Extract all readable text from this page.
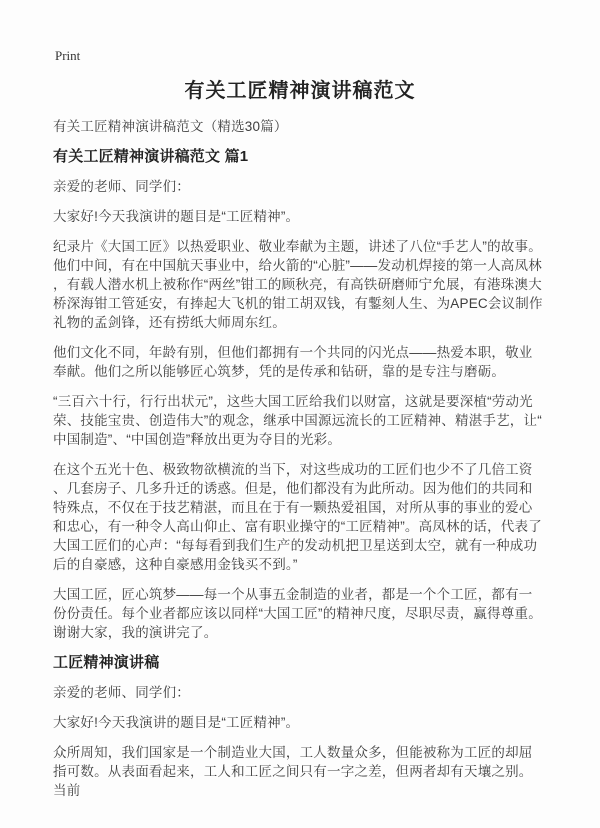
Print
有关工匠精神演讲稿范文

有关工匠精神演讲稿范文（精选30篇）

有关工匠精神演讲稿范文 篇1

亲爱的老师、同学们：

大家好!今天我演讲的题目是“工匠精神”。

纪录片《大国工匠》以热爱职业、敬业奉献为主题，讲述了八位“手艺人”的故事。他们中间，有在中国航天事业中，给火箭的“心脏”——发动机焊接的第一人高凤林，有载人潜水机上被称作“两丝”钳工的顾秋亮，有高铁研磨师宁允展，有港珠澳大桥深海钳工管延安，有捧起大飞机的钳工胡双钱，有鏨刻人生、为APEC会议制作礼物的孟剑锋，还有捞纸大师周东红。

他们文化不同，年龄有别，但他们都拥有一个共同的闪光点——热爱本职，敬业奉献。他们之所以能够匠心筑梦，凭的是传承和钻研，靠的是专注与磨砺。

“三百六十行，行行出状元”，这些大国工匠给我们以财富，这就是要深植“劳动光荣、技能宝贵、创造伟大”的观念，继承中国源远流长的工匠精神、精湛手艺，让“中国制造”、“中国创造”释放出更为夺目的光彩。

在这个五光十色、极致物欲横流的当下，对这些成功的工匠们也少不了几倍工资、几套房子、几多升迁的诱惑。但是，他们都没有为此所动。因为他们的共同和特殊点，不仅在于技艺精湛，而且在于有一颗热爱祖国，对所从事的事业的爱心和忠心，有一种令人高山仰止、富有职业操守的“工匠精神”。高凤林的话，代表了大国工匠们的心声：“每每看到我们生产的发动机把卫星送到太空，就有一种成功后的自豪感，这种自豪感用金钱买不到。”

大国工匠，匠心筑梦——每一个从事五金制造的业者，都是一个个工匠，都有一份份责任。每个业者都应该以同样“大国工匠”的精神尺度，尽职尽责，赢得尊重。谢谢大家，我的演讲完了。

工匠精神演讲稿

亲爱的老师、同学们：

大家好!今天我演讲的题目是“工匠精神”。

众所周知，我们国家是一个制造业大国，工人数量众多，但能被称为工匠的却屈指可数。从表面看起来，工人和工匠之间只有一字之差，但两者却有天壤之别。当前
